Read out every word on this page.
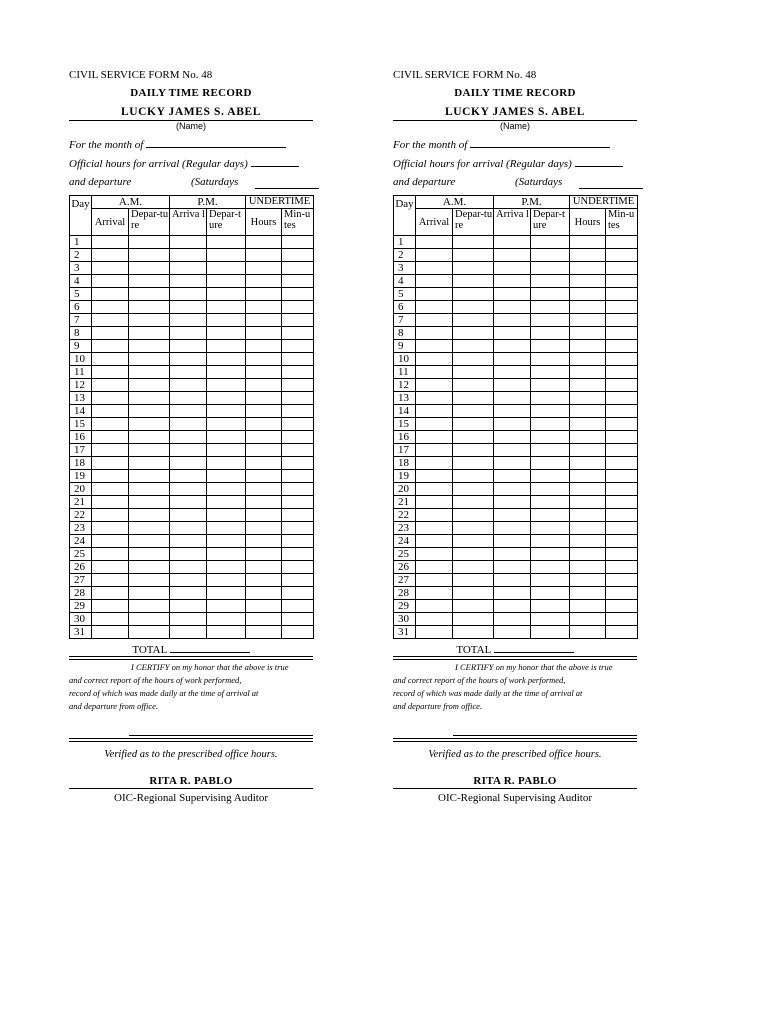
CIVIL SERVICE FORM No. 48
DAILY TIME RECORD
LUCKY JAMES S. ABEL
(Name)
For the month of
Official hours for arrival (Regular days)
and departure	(Saturdays
Day	A.M.		P.M.		UNDERTIME	

Arrival	Depar-ture	Arriva l	Depar-ture	Hours	Min-utes
1						
2						
3						
4						
5						
6						
7						
8						
9						
10						
11						
12						
13						
14						
15						
16						
17						
18						
19						
20						
21						
22						
23						
24						
25						
26						
27						
28						
29						
30						
31						
TOTAL
I CERTIFY on my honor that the above is true
and correct report of the hours of work performed,
record of which was made daily at the time of arrival at
and departure from office.
Verified as to the prescribed office hours.
RITA R. PABLO
OIC-Regional Supervising Auditor
CIVIL SERVICE FORM No. 48
DAILY TIME RECORD
LUCKY JAMES S. ABEL
(Name)
For the month of
Official hours for arrival (Regular days)
and departure	(Saturdays
Day	A.M.		P.M.		UNDERTIME	

Arrival	Depar-ture	Arriva l	Depar-ture	Hours	Min-utes
1						
2						
3						
4						
5						
6						
7						
8						
9						
10						
11						
12						
13						
14						
15						
16						
17						
18						
19						
20						
21						
22						
23						
24						
25						
26						
27						
28						
29						
30						
31						
TOTAL
I CERTIFY on my honor that the above is true
and correct report of the hours of work performed,
record of which was made daily at the time of arrival at
and departure from office.
Verified as to the prescribed office hours.
RITA R. PABLO
OIC-Regional Supervising Auditor
